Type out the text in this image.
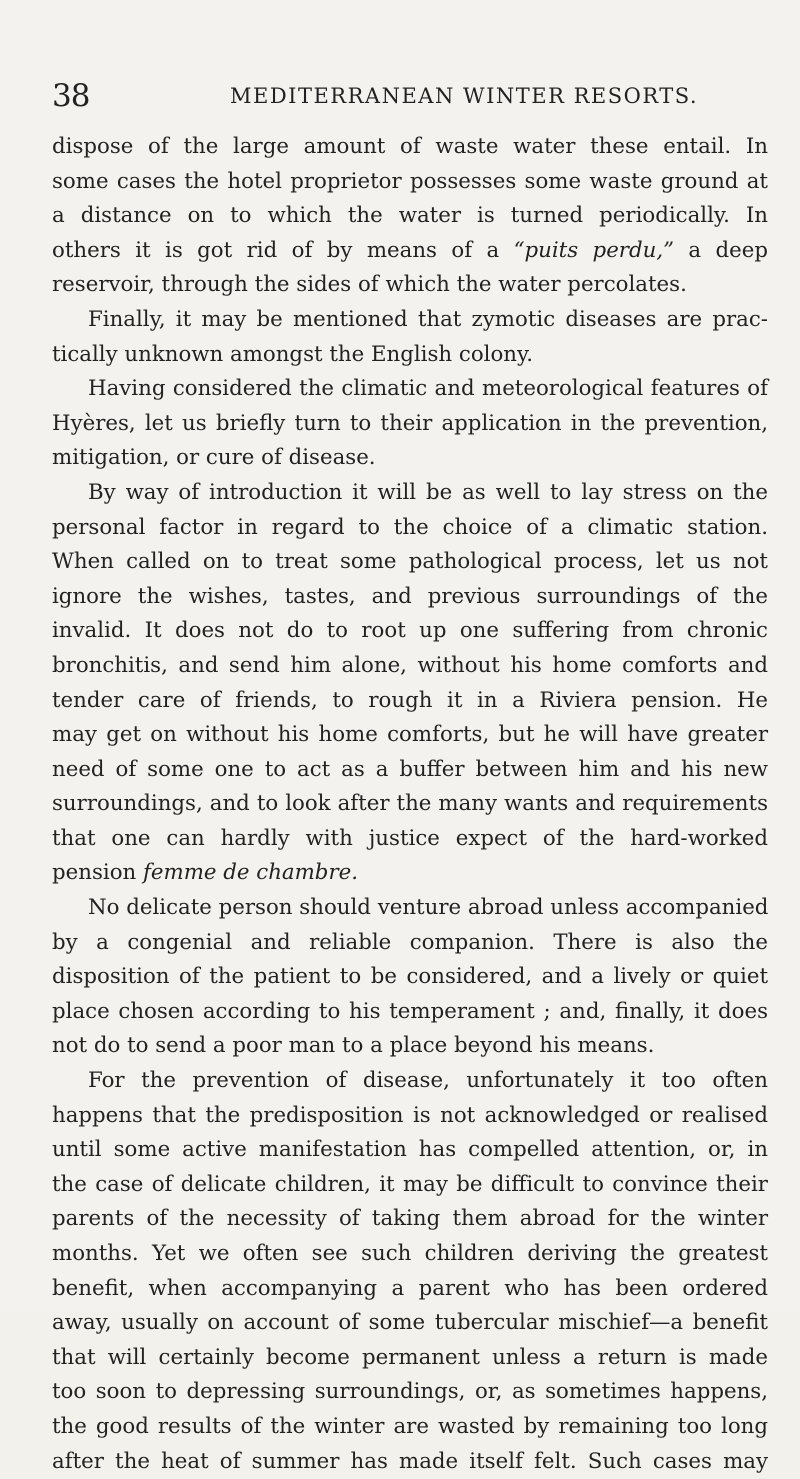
38	MEDITERRANEAN WINTER RESORTS.
dispose of the large amount of waste water these entail. In
some cases the hotel proprietor possesses some waste ground at
a distance on to which the water is turned periodically. In
others it is got rid of by means of a “puits perdu,” a deep
reservoir, through the sides of which the water percolates.
Finally, it may be mentioned that zymotic diseases are prac-
tically unknown amongst the English colony.
Having considered the climatic and meteorological features of
Hyères, let us briefly turn to their application in the prevention,
mitigation, or cure of disease.
By way of introduction it will be as well to lay stress on the
personal factor in regard to the choice of a climatic station.
When called on to treat some pathological process, let us not
ignore the wishes, tastes, and previous surroundings of the
invalid. It does not do to root up one suffering from chronic
bronchitis, and send him alone, without his home comforts and
tender care of friends, to rough it in a Riviera pension. He
may get on without his home comforts, but he will have greater
need of some one to act as a buffer between him and his new
surroundings, and to look after the many wants and requirements
that one can hardly with justice expect of the hard-worked
pension femme de chambre.
No delicate person should venture abroad unless accompanied
by a congenial and reliable companion. There is also the
disposition of the patient to be considered, and a lively or quiet
place chosen according to his temperament ; and, finally, it does
not do to send a poor man to a place beyond his means.
For the prevention of disease, unfortunately it too often
happens that the predisposition is not acknowledged or realised
until some active manifestation has compelled attention, or, in
the case of delicate children, it may be difficult to convince their
parents of the necessity of taking them abroad for the winter
months. Yet we often see such children deriving the greatest
benefit, when accompanying a parent who has been ordered
away, usually on account of some tubercular mischief—a benefit
that will certainly become permanent unless a return is made
too soon to depressing surroundings, or, as sometimes happens,
the good results of the winter are wasted by remaining too long
after the heat of summer has made itself felt. Such cases may
